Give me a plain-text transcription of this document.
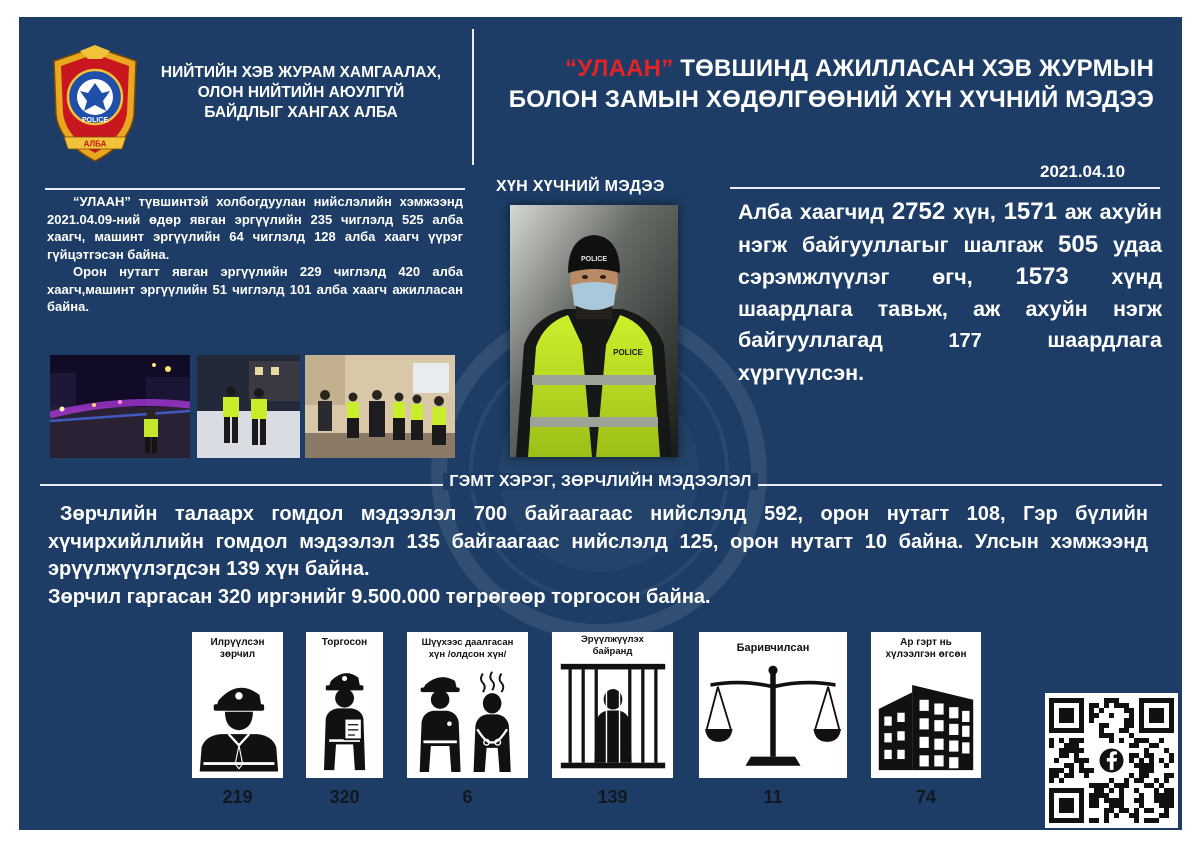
POLICE
АЛБА
НИЙТИЙН ХЭВ ЖУРАМ ХАМГААЛАХ,
ОЛОН НИЙТИЙН АЮУЛГҮЙ
БАЙДЛЫГ ХАНГАХ АЛБА
“УЛААН” ТӨВШИНД АЖИЛЛАСАН ХЭВ ЖУРМЫН
БОЛОН ЗАМЫН ХӨДӨЛГӨӨНИЙ ХҮН ХҮЧНИЙ МЭДЭЭ
2021.04.10
ХҮН ХҮЧНИЙ МЭДЭЭ

“УЛААН” түвшинтэй холбогдуулан нийслэлийн хэмжээнд 2021.04.09-ний өдөр явган эргүүлийн 235 чиглэлд 525 алба хаагч, машинт эргүүлийн 64 чиглэлд 128 алба хаагч үүрэг гүйцэтгэсэн байна.

Орон нутагт явган эргүүлийн 229 чиглэлд 420 алба хаагч,машинт эргүүлийн 51 чиглэлд 101 алба хаагч ажилласан байна.

POLICE
POLICE
Алба хаагчид 2752 хүн, 1571 аж ахуйн нэгж байгууллагыг шалгаж 505 удаа сэрэмжлүүлэг өгч, 1573 хүнд шаардлага тавьж, аж ахуйн нэгж байгууллагад	177	шаардлага хүргүүлсэн.
ГЭМТ ХЭРЭГ, ЗӨРЧЛИЙН МЭДЭЭЛЭЛ

Зөрчлийн талаарх гомдол мэдээлэл 700 байгаагаас нийслэлд 592, орон нутагт 108, Гэр бүлийн хүчирхийллийн гомдол мэдээлэл 135 байгаагаас нийслэлд 125, орон нутагт 10 байна. Улсын хэмжээнд эрүүлжүүлэгдсэн 139 хүн байна.

Зөрчил гаргасан 320 иргэнийг 9.500.000 төгрөгөөр торгосон байна.

Илрүүлсэн
зөрчил
219
Торгосон
320
Шүүхээс даалгасан
хүн /олдсон хүн/
6
Эрүүлжүүлэх
байранд
139
Баривчилсан
11
Ар гэрт нь
хүлээлгэн өгсөн
74
